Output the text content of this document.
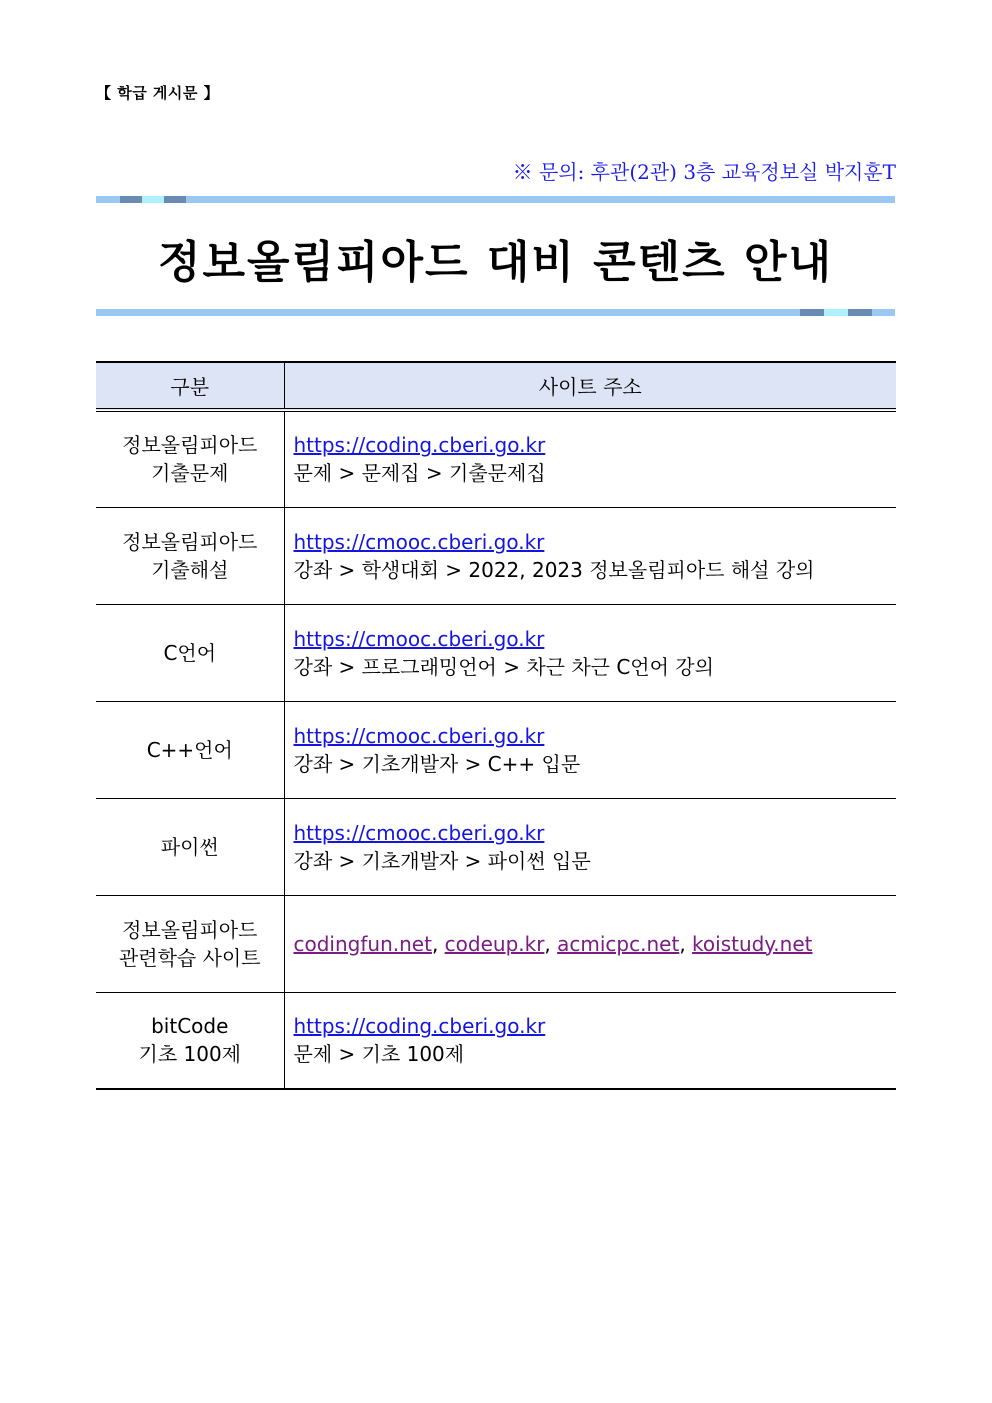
【 학급 게시문 】
※ 문의: 후관(2관) 3층 교육정보실 박지훈T
정보올림피아드 대비 콘텐츠 안내
구분	사이트 주소

정보올림피아드
기출문제	https://coding.cberi.go.kr
문제 > 문제집 > 기출문제집

정보올림피아드
기출해설	https://cmooc.cberi.go.kr
강좌 > 학생대회 > 2022, 2023 정보올림피아드 해설 강의

C언어	https://cmooc.cberi.go.kr
강좌 > 프로그래밍언어 > 차근 차근 C언어 강의

C++언어	https://cmooc.cberi.go.kr
강좌 > 기초개발자 > C++ 입문

파이썬	https://cmooc.cberi.go.kr
강좌 > 기초개발자 > 파이썬 입문

정보올림피아드
관련학습 사이트	codingfun.net, codeup.kr, acmicpc.net, koistudy.net

bitCode
기초 100제	https://coding.cberi.go.kr
문제 > 기초 100제
